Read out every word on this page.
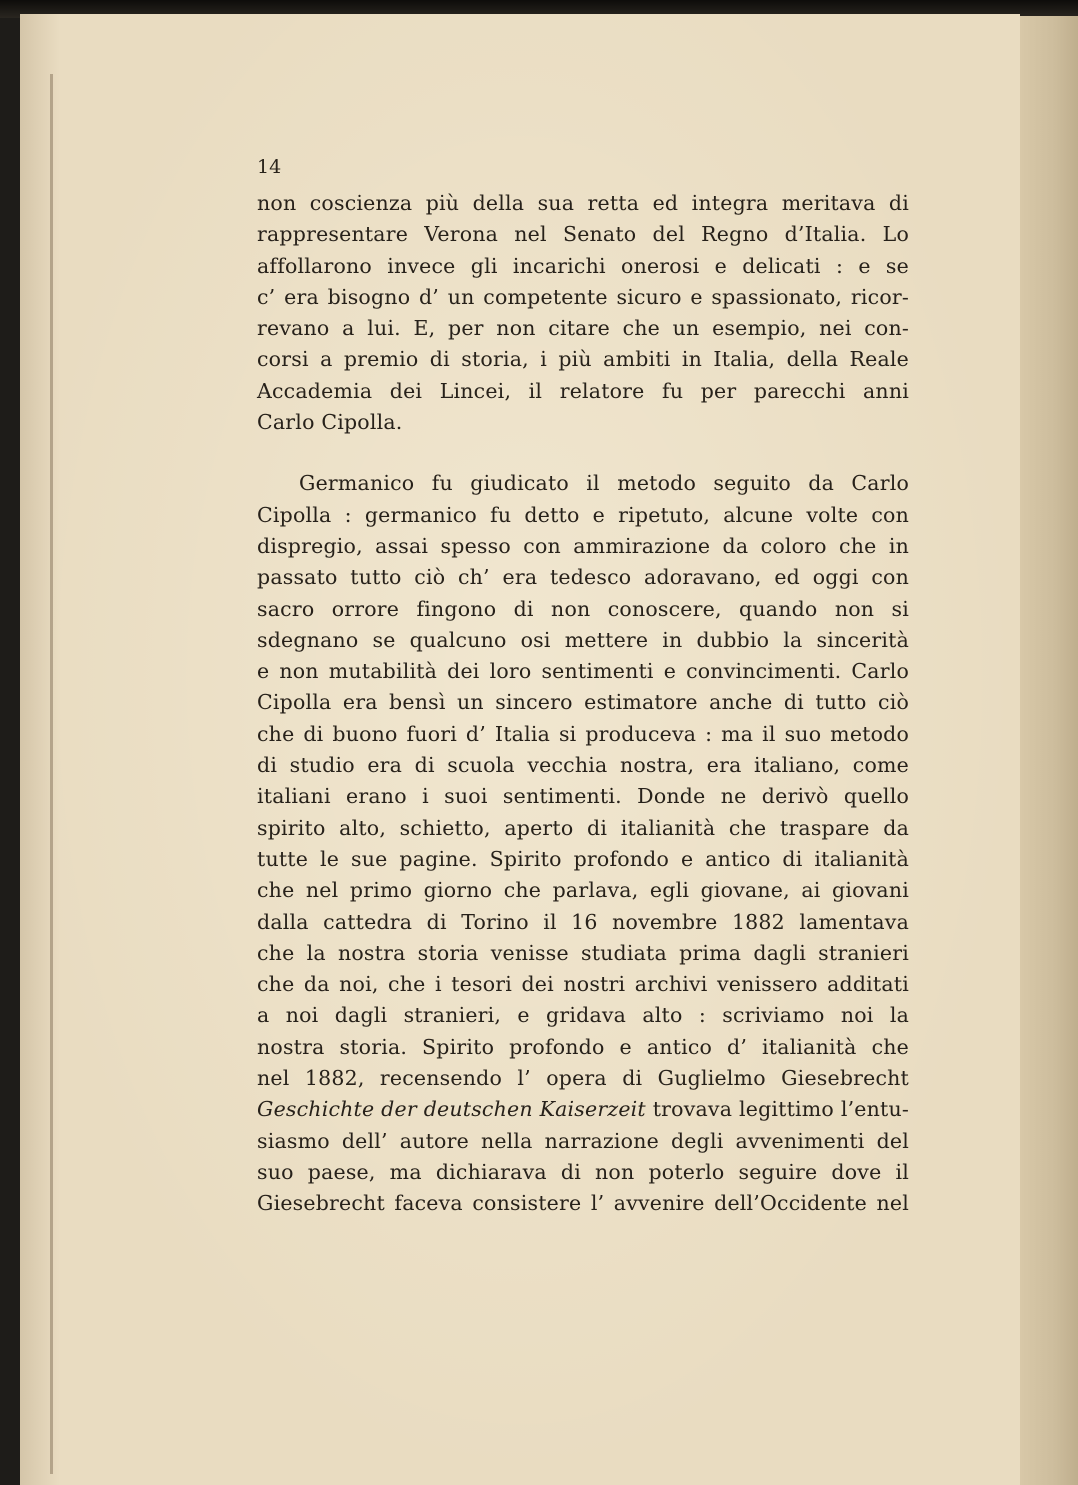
14

non coscienza più della sua retta ed integra meritava di

rappresentare Verona nel Senato del Regno d’Italia. Lo

affollarono invece gli incarichi onerosi e delicati : e se

c’ era bisogno d’ un competente sicuro e spassionato, ricor-

revano a lui. E, per non citare che un esempio, nei con-

corsi a premio di storia, i più ambiti in Italia, della Reale

Accademia dei Lincei, il relatore fu per parecchi anni

Carlo Cipolla.

Germanico fu giudicato il metodo seguito da Carlo

Cipolla : germanico fu detto e ripetuto, alcune volte con

dispregio, assai spesso con ammirazione da coloro che in

passato tutto ciò ch’ era tedesco adoravano, ed oggi con

sacro orrore fingono di non conoscere, quando non si

sdegnano se qualcuno osi mettere in dubbio la sincerità

e non mutabilità dei loro sentimenti e convincimenti. Carlo

Cipolla era bensì un sincero estimatore anche di tutto ciò

che di buono fuori d’ Italia si produceva : ma il suo metodo

di studio era di scuola vecchia nostra, era italiano, come

italiani erano i suoi sentimenti. Donde ne derivò quello

spirito alto, schietto, aperto di italianità che traspare da

tutte le sue pagine. Spirito profondo e antico di italianità

che nel primo giorno che parlava, egli giovane, ai giovani

dalla cattedra di Torino il 16 novembre 1882 lamentava

che la nostra storia venisse studiata prima dagli stranieri

che da noi, che i tesori dei nostri archivi venissero additati

a noi dagli stranieri, e gridava alto : scriviamo noi la

nostra storia. Spirito profondo e antico d’ italianità che

nel 1882, recensendo l’ opera di Guglielmo Giesebrecht

Geschichte der deutschen Kaiserzeit trovava legittimo l’entu-

siasmo dell’ autore nella narrazione degli avvenimenti del

suo paese, ma dichiarava di non poterlo seguire dove il

Giesebrecht faceva consistere l’ avvenire dell’Occidente nel
